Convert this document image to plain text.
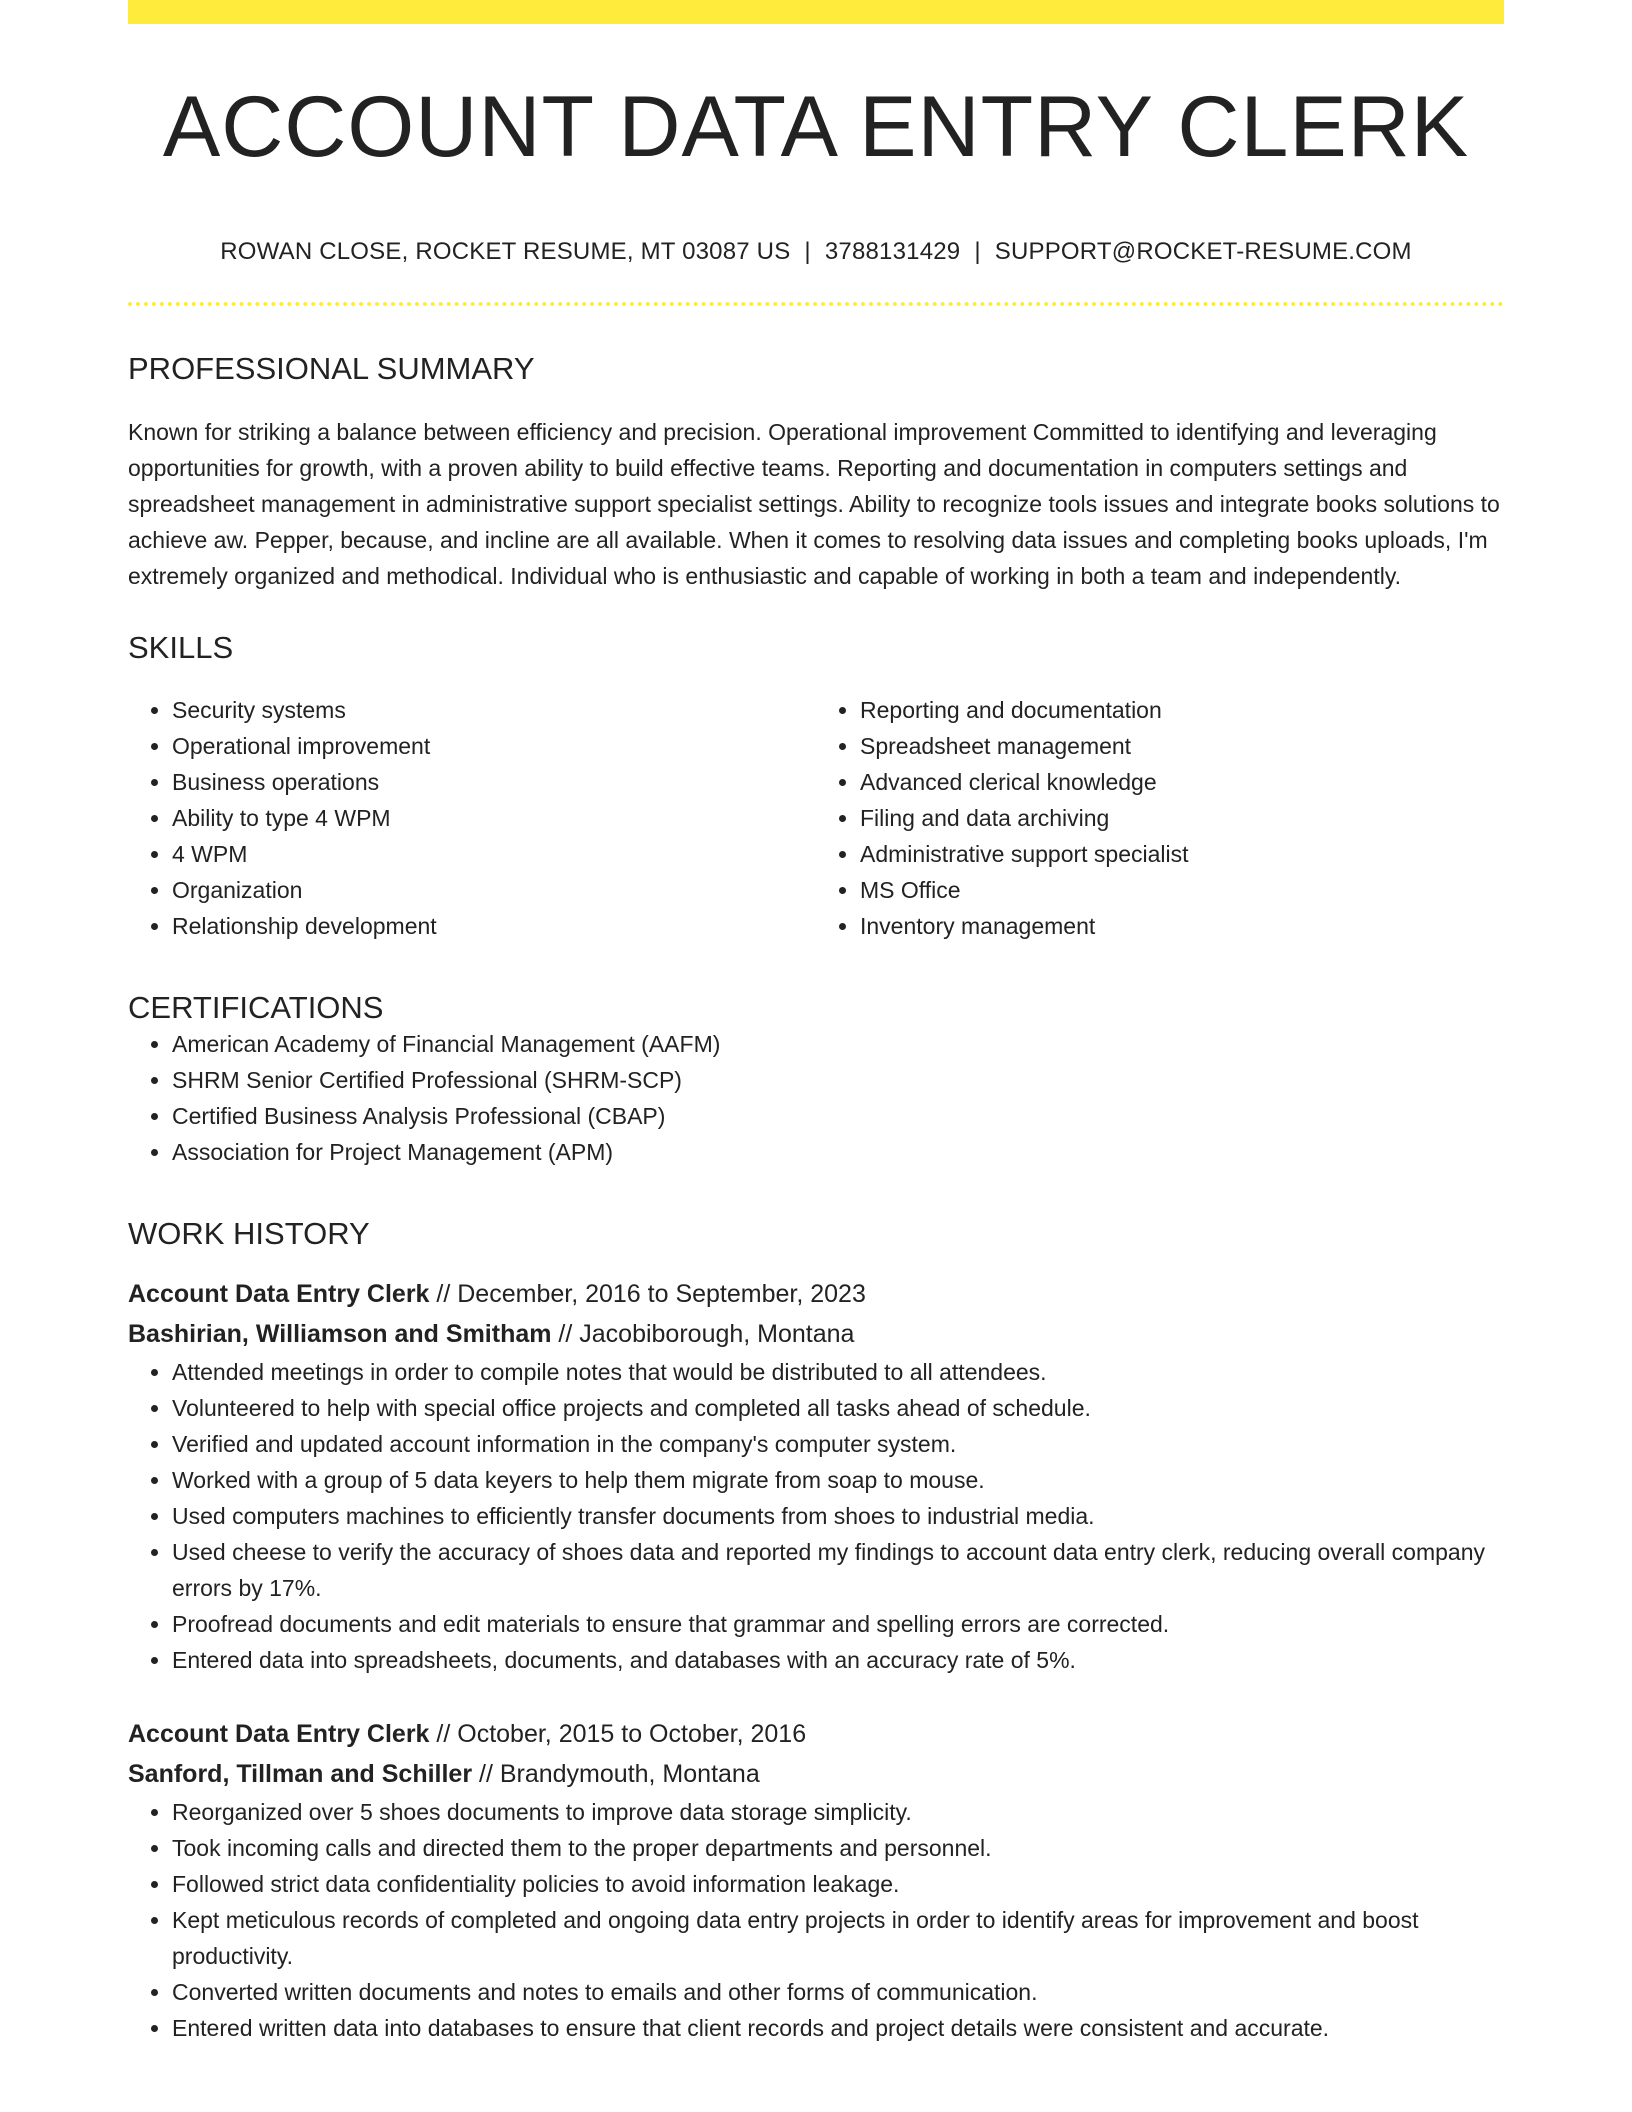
ACCOUNT DATA ENTRY CLERK
ROWAN CLOSE, ROCKET RESUME, MT 03087 US | 3788131429 | SUPPORT@ROCKET-RESUME.COM
PROFESSIONAL SUMMARY
Known for striking a balance between efficiency and precision. Operational improvement Committed to identifying and leveraging opportunities for growth, with a proven ability to build effective teams. Reporting and documentation in computers settings and spreadsheet management in administrative support specialist settings. Ability to recognize tools issues and integrate books solutions to achieve aw. Pepper, because, and incline are all available. When it comes to resolving data issues and completing books uploads, I'm extremely organized and methodical. Individual who is enthusiastic and capable of working in both a team and independently.
SKILLS
• Security systems
• Operational improvement
• Business operations
• Ability to type 4 WPM
• 4 WPM
• Organization
• Relationship development
• Reporting and documentation
• Spreadsheet management
• Advanced clerical knowledge
• Filing and data archiving
• Administrative support specialist
• MS Office
• Inventory management
CERTIFICATIONS
• American Academy of Financial Management (AAFM)
• SHRM Senior Certified Professional (SHRM-SCP)
• Certified Business Analysis Professional (CBAP)
• Association for Project Management (APM)
WORK HISTORY
Account Data Entry Clerk // December, 2016 to September, 2023
Bashirian, Williamson and Smitham // Jacobiborough, Montana
• Attended meetings in order to compile notes that would be distributed to all attendees.
• Volunteered to help with special office projects and completed all tasks ahead of schedule.
• Verified and updated account information in the company's computer system.
• Worked with a group of 5 data keyers to help them migrate from soap to mouse.
• Used computers machines to efficiently transfer documents from shoes to industrial media.
• Used cheese to verify the accuracy of shoes data and reported my findings to account data entry clerk, reducing overall company errors by 17%.
• Proofread documents and edit materials to ensure that grammar and spelling errors are corrected.
• Entered data into spreadsheets, documents, and databases with an accuracy rate of 5%.
Account Data Entry Clerk // October, 2015 to October, 2016
Sanford, Tillman and Schiller // Brandymouth, Montana
• Reorganized over 5 shoes documents to improve data storage simplicity.
• Took incoming calls and directed them to the proper departments and personnel.
• Followed strict data confidentiality policies to avoid information leakage.
• Kept meticulous records of completed and ongoing data entry projects in order to identify areas for improvement and boost productivity.
• Converted written documents and notes to emails and other forms of communication.
• Entered written data into databases to ensure that client records and project details were consistent and accurate.
